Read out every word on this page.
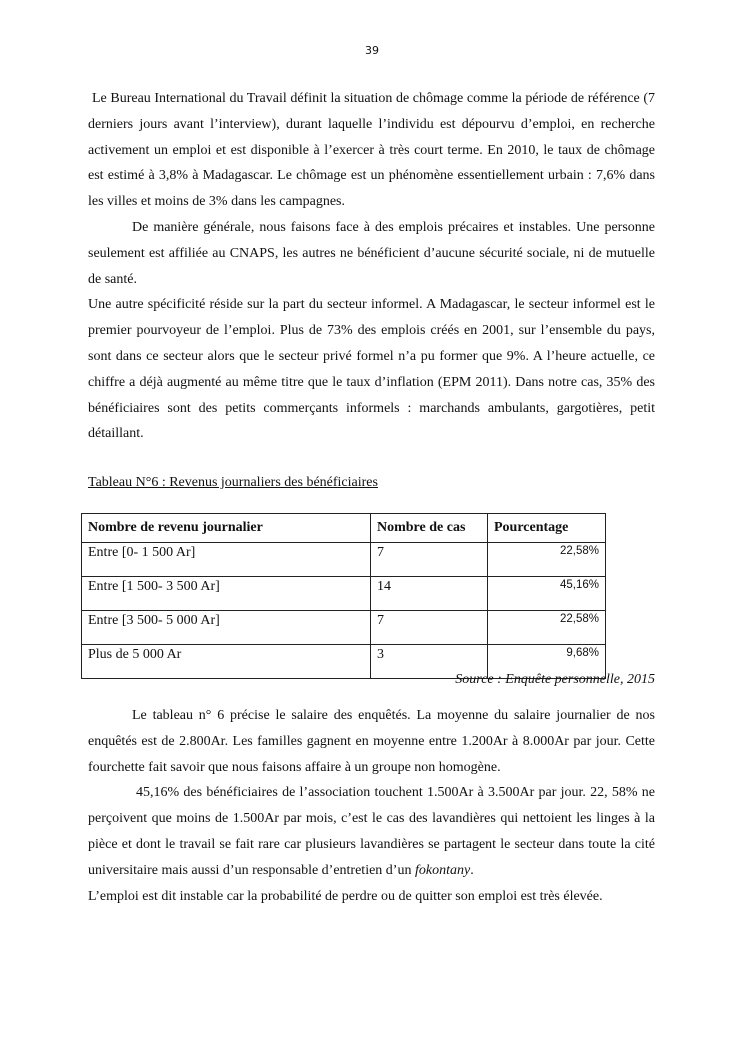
39

Le Bureau International du Travail définit la situation de chômage comme la période de référence (7 derniers jours avant l’interview), durant laquelle l’individu est dépourvu d’emploi, en recherche activement un emploi et est disponible à l’exercer à très court terme. En 2010, le taux de chômage est estimé à 3,8% à Madagascar. Le chômage est un phénomène essentiellement urbain : 7,6% dans les villes et moins de 3% dans les campagnes.

De manière générale, nous faisons face à des emplois précaires et instables. Une personne seulement est affiliée au CNAPS, les autres ne bénéficient d’aucune sécurité sociale, ni de mutuelle de santé.

Une autre spécificité réside sur la part du secteur informel. A Madagascar, le secteur informel est le premier pourvoyeur de l’emploi. Plus de 73% des emplois créés en 2001, sur l’ensemble du pays, sont dans ce secteur alors que le secteur privé formel n’a pu former que 9%. A l’heure actuelle, ce chiffre a déjà augmenté au même titre que le taux d’inflation (EPM 2011). Dans notre cas, 35% des bénéficiaires sont des petits commerçants informels : marchands ambulants, gargotières, petit détaillant.

Tableau N°6 : Revenus journaliers des bénéficiaires
Nombre de revenu journalier	Nombre de cas	Pourcentage
Entre [0- 1 500 Ar]	7	22,58%
Entre [1 500- 3 500 Ar]	14	45,16%
Entre [3 500- 5 000 Ar]	7	22,58%
Plus de 5 000 Ar	3	9,68%
Source : Enquête personnelle, 2015

Le tableau n° 6 précise le salaire des enquêtés. La moyenne du salaire journalier de nos enquêtés est de 2.800Ar. Les familles gagnent en moyenne entre 1.200Ar à 8.000Ar par jour. Cette fourchette fait savoir que nous faisons affaire à un groupe non homogène.

45,16% des bénéficiaires de l’association touchent 1.500Ar à 3.500Ar par jour. 22, 58% ne perçoivent que moins de 1.500Ar par mois, c’est le cas des lavandières qui nettoient les linges à la pièce et dont le travail se fait rare car plusieurs lavandières se partagent le secteur dans toute la cité universitaire mais aussi d’un responsable d’entretien d’un fokontany.

L’emploi est dit instable car la probabilité de perdre ou de quitter son emploi est très élevée.
